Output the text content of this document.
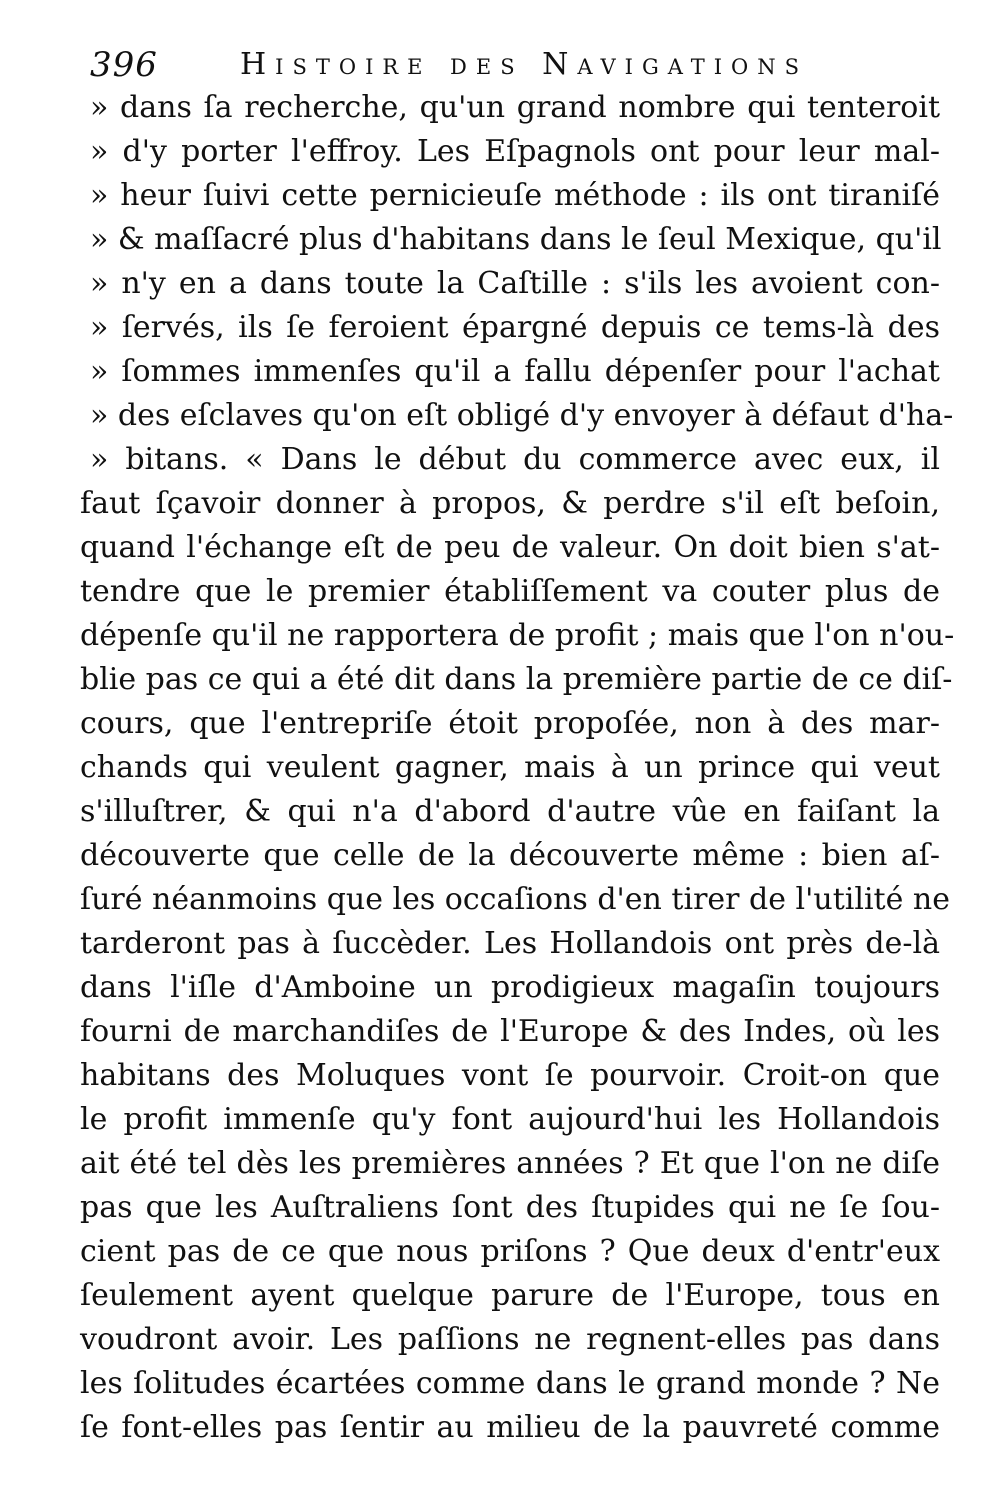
396	Histoire des Navigations
» dans ſa recherche, qu'un grand nombre qui tenteroit
» d'y porter l'effroy. Les Eſpagnols ont pour leur mal-
» heur ſuivi cette pernicieuſe méthode : ils ont tiraniſé
» & maſſacré plus d'habitans dans le ſeul Mexique, qu'il
» n'y en a dans toute la Caſtille : s'ils les avoient con-
» ſervés, ils ſe feroient épargné depuis ce tems-là des
» ſommes immenſes qu'il a fallu dépenſer pour l'achat
» des eſclaves qu'on eſt obligé d'y envoyer à défaut d'ha-
» bitans. « Dans le début du commerce avec eux, il
faut ſçavoir donner à propos, & perdre s'il eſt beſoin,
quand l'échange eſt de peu de valeur. On doit bien s'at-
tendre que le premier établiſſement va couter plus de
dépenſe qu'il ne rapportera de profit ; mais que l'on n'ou-
blie pas ce qui a été dit dans la première partie de ce diſ-
cours, que l'entrepriſe étoit propoſée, non à des mar-
chands qui veulent gagner, mais à un prince qui veut
s'illuſtrer, & qui n'a d'abord d'autre vûe en faiſant la
découverte que celle de la découverte même : bien aſ-
ſuré néanmoins que les occaſions d'en tirer de l'utilité ne
tarderont pas à ſuccèder. Les Hollandois ont près de-là
dans l'iſle d'Amboine un prodigieux magaſin toujours
fourni de marchandiſes de l'Europe & des Indes, où les
habitans des Moluques vont ſe pourvoir. Croit-on que
le profit immenſe qu'y font aujourd'hui les Hollandois
ait été tel dès les premières années ? Et que l'on ne diſe
pas que les Auſtraliens ſont des ſtupides qui ne ſe ſou-
cient pas de ce que nous priſons ? Que deux d'entr'eux
ſeulement ayent quelque parure de l'Europe, tous en
voudront avoir. Les paſſions ne regnent-elles pas dans
les ſolitudes écartées comme dans le grand monde ? Ne
ſe font-elles pas ſentir au milieu de la pauvreté comme
